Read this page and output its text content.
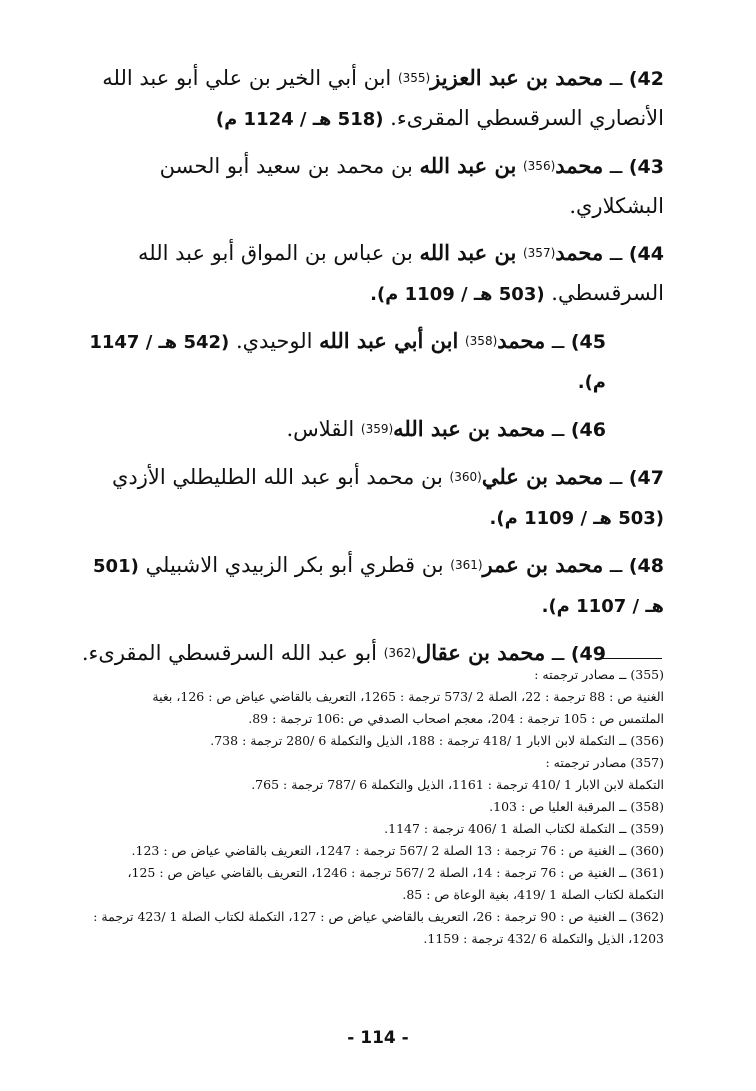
42) ــ محمد بن عبد العزيز(355) ابن أبي الخير بن علي أبو عبد الله الأنصاري السرقسطي المقرىء. (518 هـ / 1124 م)

43) ــ محمد(356) بن عبد الله بن محمد بن سعيد أبو الحسن البشكلاري.

44) ــ محمد(357) بن عبد الله بن عباس بن المواق أبو عبد الله السرقسطي. (503 هـ / 1109 م).

45) ــ محمد(358) ابن أبي عبد الله الوحيدي. (542 هـ / 1147 م).

46) ــ محمد بن عبد الله(359) القلاس.

47) ــ محمد بن علي(360) بن محمد أبو عبد الله الطليطلي الأزدي (503 هـ / 1109 م).

48) ــ محمد بن عمر(361) بن قطري أبو بكر الزبيدي الاشبيلي (501 هـ / 1107 م).

49) ــ محمد بن عقال(362) أبو عبد الله السرقسطي المقرىء.

(355) ــ مصادر ترجمته :
الغنية ص : 88 ترجمة : 22، الصلة 2 /573 ترجمة : 1265، التعريف بالقاضي عياض ص : 126، بغية
الملتمس ص : 105 ترجمة : 204، معجم اصحاب الصدفي ص :106 ترجمة : 89.

(356) ــ التكملة لابن الابار 1 /418 ترجمة : 188، الذيل والتكملة 6 /280 ترجمة : 738.

(357) مصادر ترجمته :
التكملة لابن الابار 1 /410 ترجمة : 1161، الذيل والتكملة 6 /787 ترجمة : 765.

(358) ــ المرقبة العليا ص : 103.

(359) ــ التكملة لكتاب الصلة 1 /406 ترجمة : 1147.

(360) ــ الغنية ص : 76 ترجمة : 13 الصلة 2 /567 ترجمة : 1247، التعريف بالقاضي عياض ص : 123.

(361) ــ الغنية ص : 76 ترجمة : 14، الصلة 2 /567 ترجمة : 1246، التعريف بالقاضي عياض ص : 125،
التكملة لكتاب الصلة 1 /419، بغية الوعاة ص : 85.

(362) ــ الغنية ص : 90 ترجمة : 26، التعريف بالقاضي عياض ص : 127، التكملة لكتاب الصلة 1 /423 ترجمة :
1203، الذيل والتكملة 6 /432 ترجمة : 1159.

- 114 -
